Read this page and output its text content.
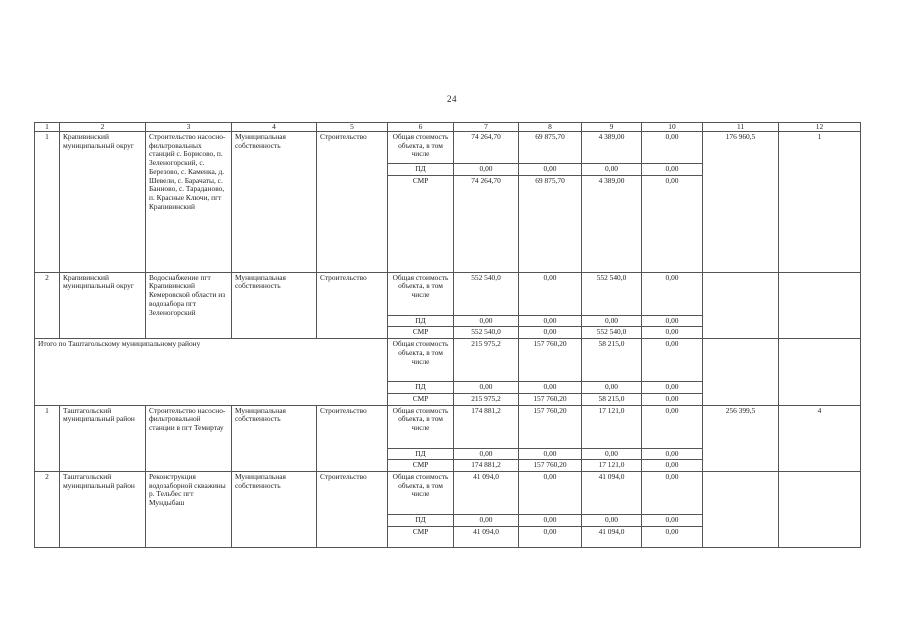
24
1	2	3	4	5	6	7	8	9	10	11	12
1	Крапивинский муниципальный округ	Строительство насосно-фильтровальных станций с. Борисово, п. Зеленогорский, с. Березово, с. Каменка, д. Шевели, с. Барачаты, с. Банново, с. Тараданово, п. Красные Ключи, пгт Крапивинский	Муниципальная собственность	Строительство	Общая стоимость объекта, в том числе	74 264,70	69 875,70	4 389,00	0,00	176 960,5	1
					ПД	0,00	0,00	0,00	0,00		
					СМР	74 264,70	69 875,70	4 389,00	0,00		
2	Крапивинский муниципальный округ	Водоснабжение пгт Крапивинский Кемеровской области из водозабора пгт Зеленогорский	Муниципальная собственность	Строительство	Общая стоимость объекта, в том числе	552 540,0	0,00	552 540,0	0,00		
					ПД	0,00	0,00	0,00	0,00		
					СМР	552 540,0	0,00	552 540,0	0,00		
Итого по Таштагольскому муниципальному району					Общая стоимость объекта, в том числе	215 975,2	157 760,20	58 215,0	0,00		
					ПД	0,00	0,00	0,00	0,00		
					СМР	215 975,2	157 760,20	58 215,0	0,00		
1	Таштагольский муниципальный район	Строительство насосно-фильтровальной станции в пгт Темиртау	Муниципальная собственность	Строительство	Общая стоимость объекта, в том числе	174 881,2	157 760,20	17 121,0	0,00	256 399,5	4
					ПД	0,00	0,00	0,00	0,00		
					СМР	174 881,2	157 760,20	17 121,0	0,00		
2	Таштагольский муниципальный район	Реконструкция водозаборной скважины р. Тельбес пгт Мундыбаш	Муниципальная собственность	Строительство	Общая стоимость объекта, в том числе	41 094,0	0,00	41 094,0	0,00		
					ПД	0,00	0,00	0,00	0,00		
					СМР	41 094,0	0,00	41 094,0	0,00		
